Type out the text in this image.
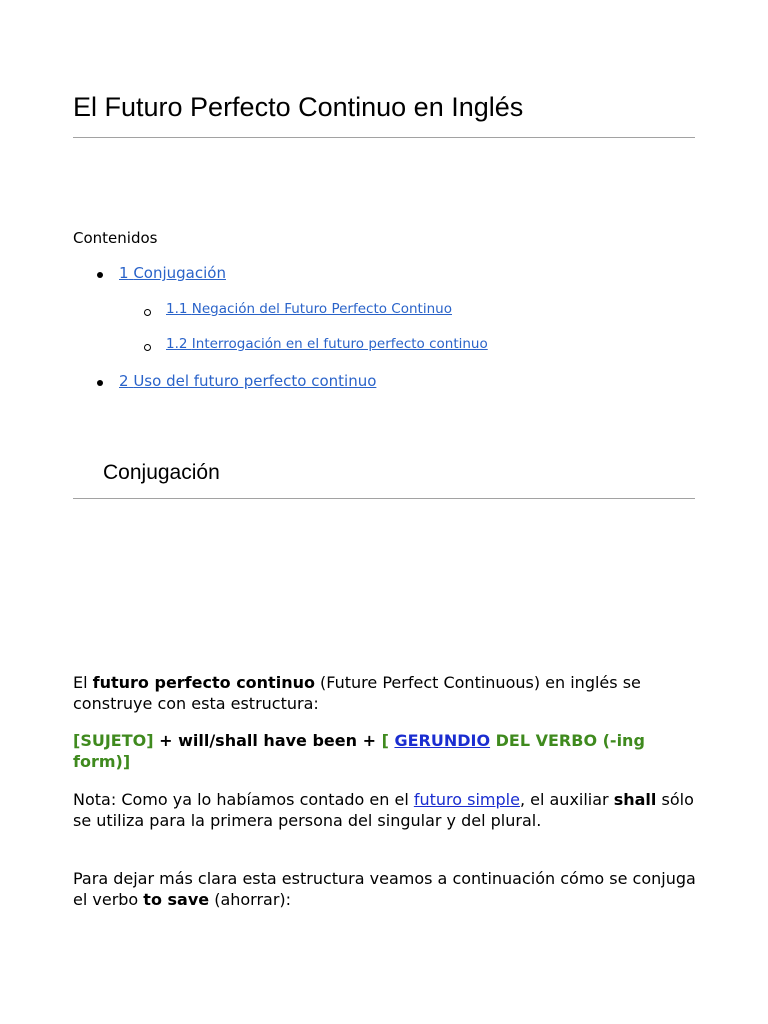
El Futuro Perfecto Continuo en Inglés
Contenidos
1 Conjugación
1.1 Negación del Futuro Perfecto Continuo
1.2 Interrogación en el futuro perfecto continuo
2 Uso del futuro perfecto continuo
Conjugación

El futuro perfecto continuo (Future Perfect Continuous) en inglés se construye con esta estructura:

[SUJETO] + will/shall have been + [ GERUNDIO DEL VERBO (-ing form)]

Nota: Como ya lo habíamos contado en el futuro simple, el auxiliar shall sólo se utiliza para la primera persona del singular y del plural.

Para dejar más clara esta estructura veamos a continuación cómo se conjuga el verbo to save (ahorrar):
